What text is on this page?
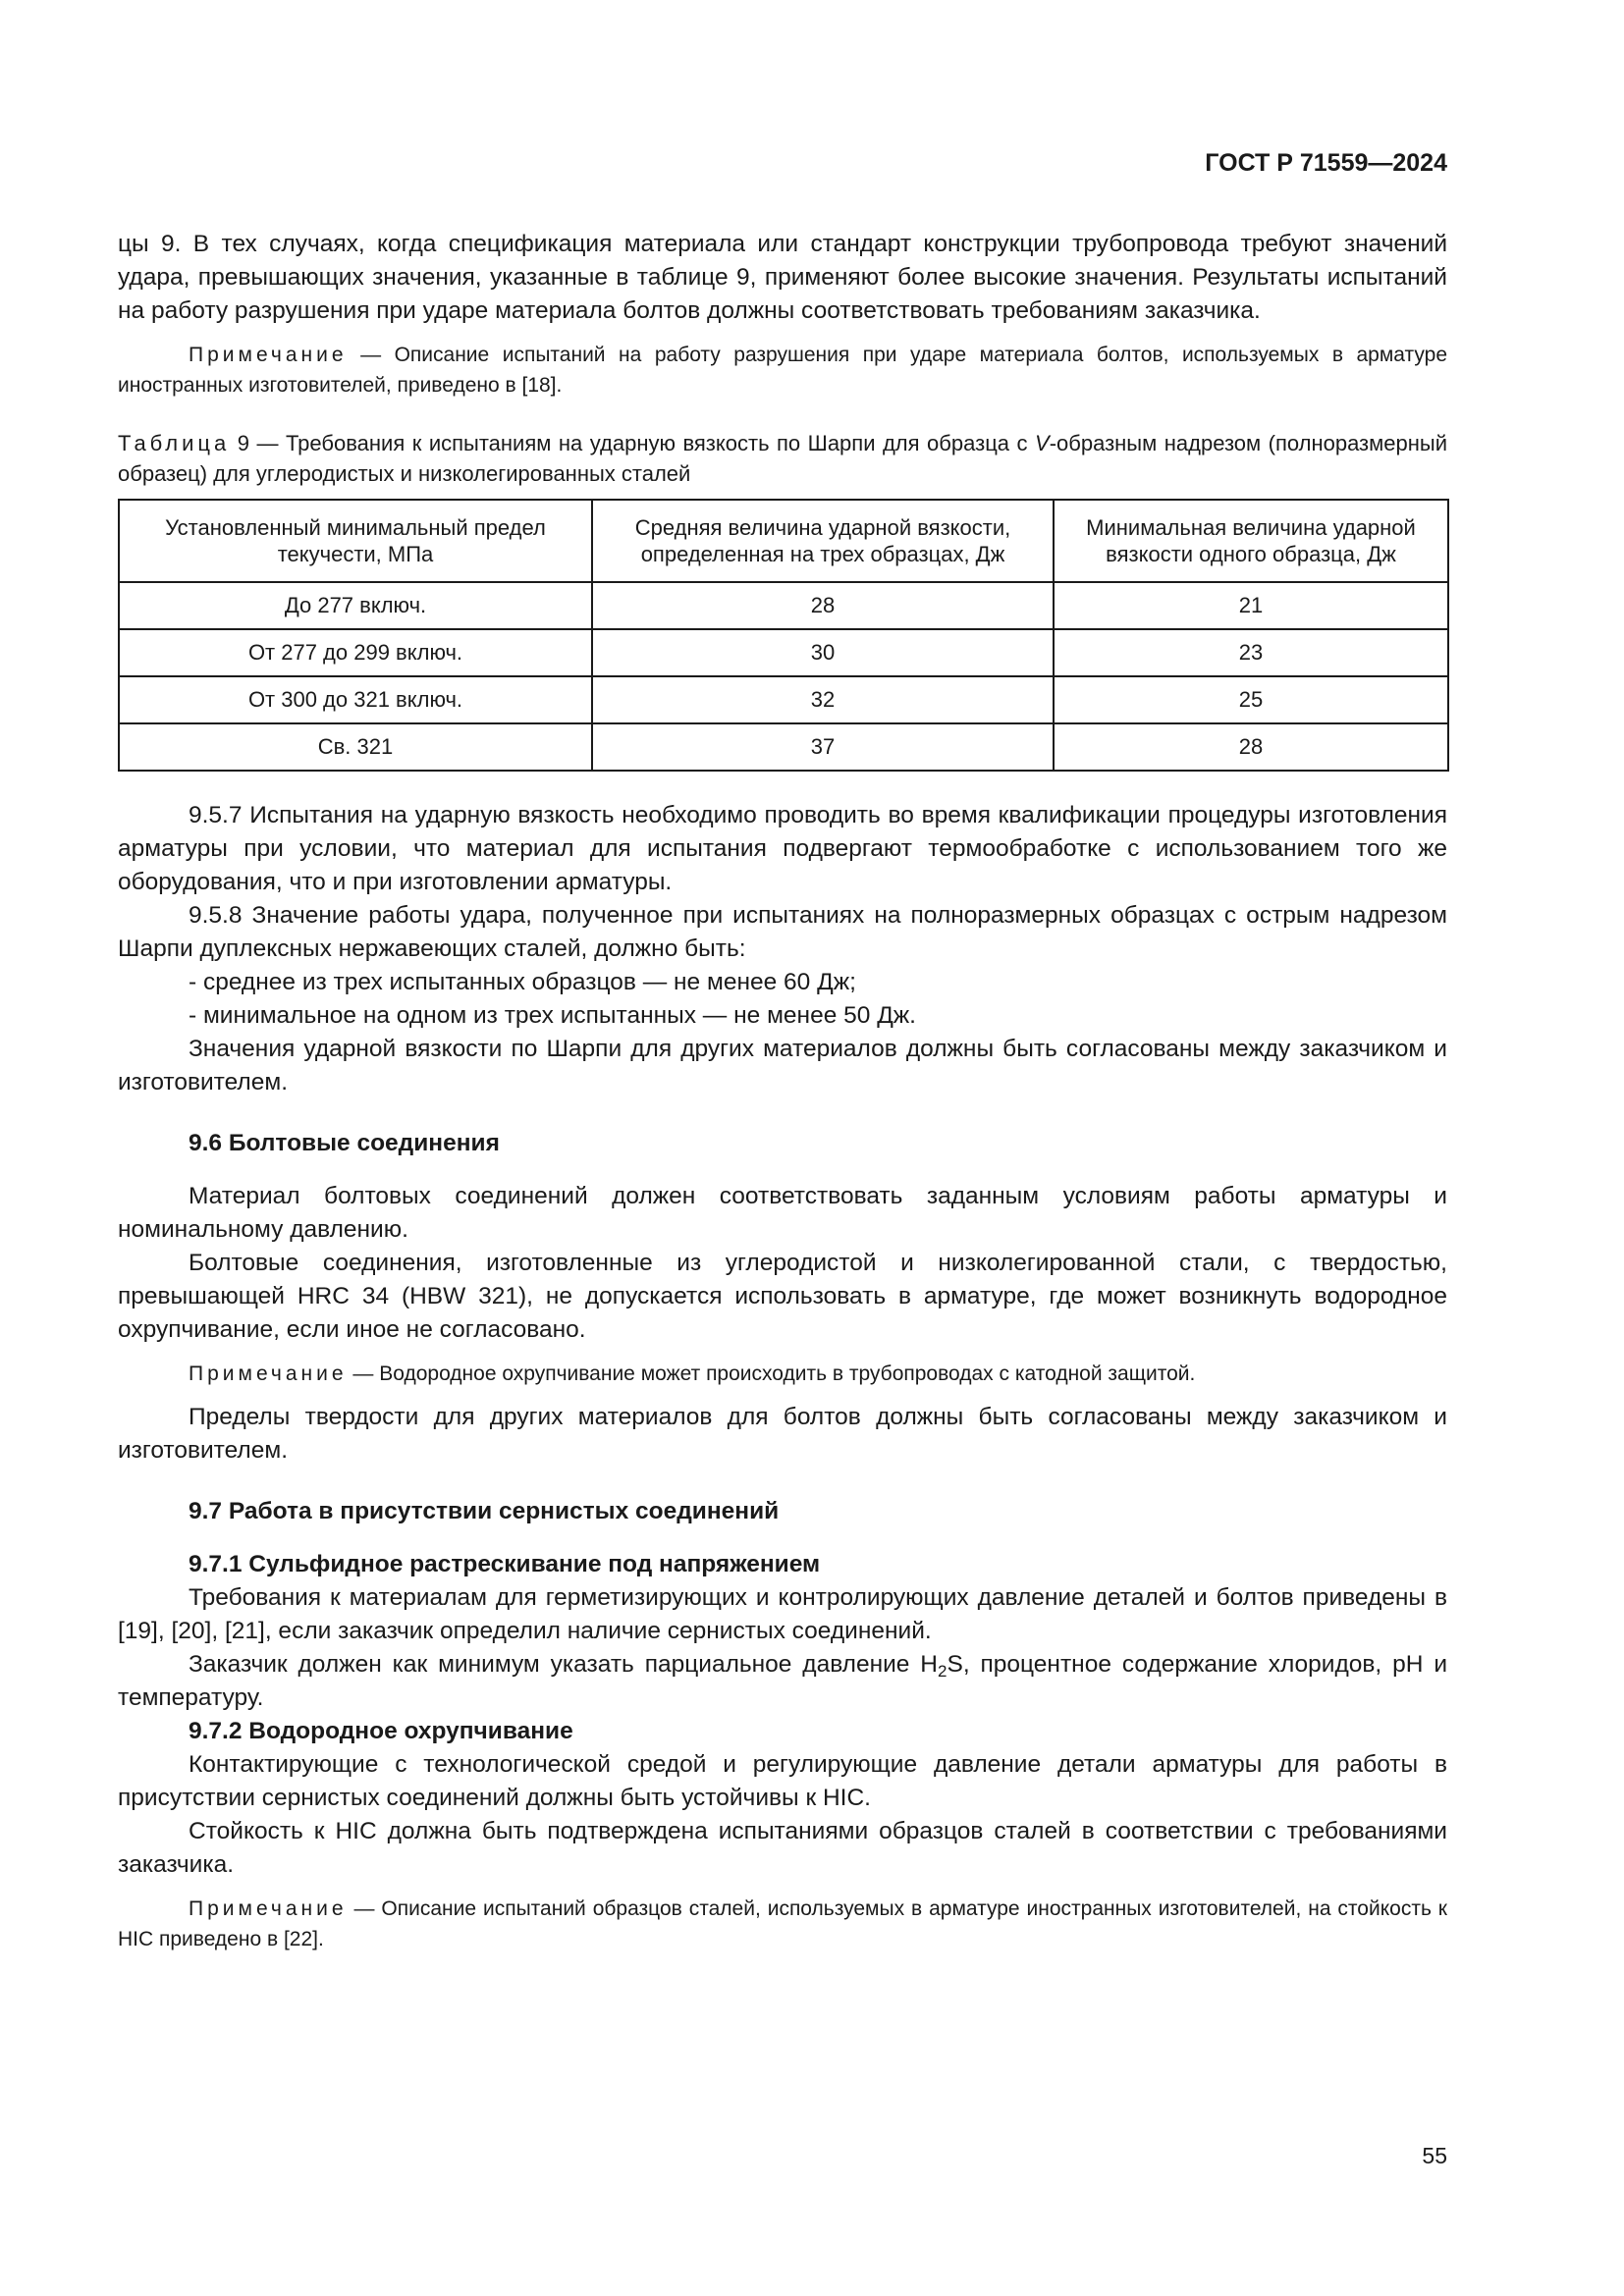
ГОСТ Р 71559—2024

цы 9. В тех случаях, когда спецификация материала или стандарт конструкции трубопровода требуют значений удара, превышающих значения, указанные в таблице 9, применяют более высокие значения. Результаты испытаний на работу разрушения при ударе материала болтов должны соответствовать требованиям заказчика.

Примечание — Описание испытаний на работу разрушения при ударе материала болтов, используемых в арматуре иностранных изготовителей, приведено в [18].

Таблица 9 — Требования к испытаниям на ударную вязкость по Шарпи для образца с V-образным надрезом (полноразмерный образец) для углеродистых и низколегированных сталей

Установленный минимальный предел текучести, МПа	Средняя величина ударной вязкости, определенная на трех образцах, Дж	Минимальная величина ударной вязкости одного образца, Дж
До 277 включ.	28	21
От 277 до 299 включ.	30	23
От 300 до 321 включ.	32	25
Св. 321	37	28

9.5.7 Испытания на ударную вязкость необходимо проводить во время квалификации процедуры изготовления арматуры при условии, что материал для испытания подвергают термообработке с использованием того же оборудования, что и при изготовлении арматуры.

9.5.8 Значение работы удара, полученное при испытаниях на полноразмерных образцах с острым надрезом Шарпи дуплексных нержавеющих сталей, должно быть:

- среднее из трех испытанных образцов — не менее 60 Дж;

- минимальное на одном из трех испытанных — не менее 50 Дж.

Значения ударной вязкости по Шарпи для других материалов должны быть согласованы между заказчиком и изготовителем.

9.6 Болтовые соединения

Материал болтовых соединений должен соответствовать заданным условиям работы арматуры и номинальному давлению.

Болтовые соединения, изготовленные из углеродистой и низколегированной стали, с твердостью, превышающей HRC 34 (HBW 321), не допускается использовать в арматуре, где может возникнуть водородное охрупчивание, если иное не согласовано.

Примечание — Водородное охрупчивание может происходить в трубопроводах с катодной защитой.

Пределы твердости для других материалов для болтов должны быть согласованы между заказчиком и изготовителем.

9.7 Работа в присутствии сернистых соединений

9.7.1 Сульфидное растрескивание под напряжением

Требования к материалам для герметизирующих и контролирующих давление деталей и болтов приведены в [19], [20], [21], если заказчик определил наличие сернистых соединений.

Заказчик должен как минимум указать парциальное давление $H_2S$, процентное содержание хлоридов, pH и температуру.

9.7.2 Водородное охрупчивание

Контактирующие с технологической средой и регулирующие давление детали арматуры для работы в присутствии сернистых соединений должны быть устойчивы к HIC.

Стойкость к HIC должна быть подтверждена испытаниями образцов сталей в соответствии с требованиями заказчика.

Примечание — Описание испытаний образцов сталей, используемых в арматуре иностранных изготовителей, на стойкость к HIC приведено в [22].

55
